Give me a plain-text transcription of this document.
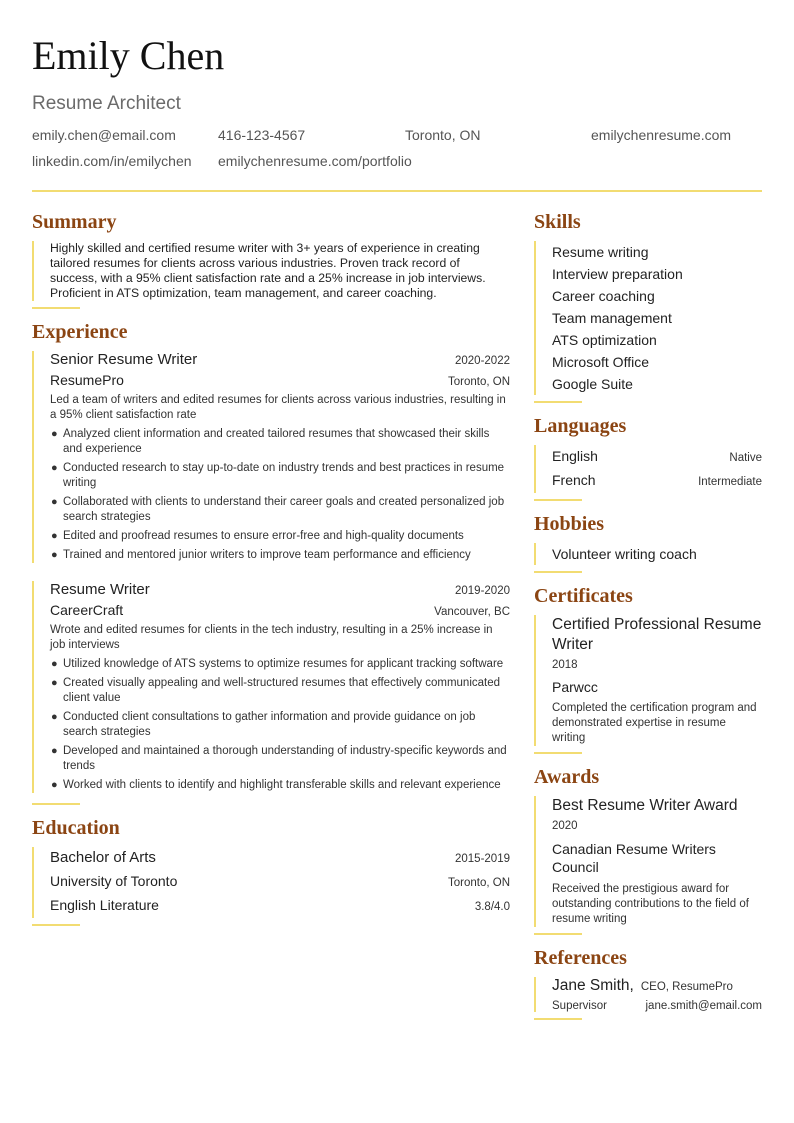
Emily Chen
Resume Architect
emily.chen@email.com	416-123-4567	Toronto, ON	emilychenresume.com
linkedin.com/in/emilychen emilychenresume.com/portfolio
Summary

Highly skilled and certified resume writer with 3+ years of experience in creating tailored resumes for clients across various industries. Proven track record of success, with a 95% client satisfaction rate and a 25% increase in job interviews. Proficient in ATS optimization, team management, and career coaching.

Experience
Senior Resume Writer	2020-2022
ResumePro	Toronto, ON

Led a team of writers and edited resumes for clients across various industries, resulting in a 95% client satisfaction rate

● Analyzed client information and created tailored resumes that showcased their skills and experience
● Conducted research to stay up-to-date on industry trends and best practices in resume writing
● Collaborated with clients to understand their career goals and created personalized job search strategies
● Edited and proofread resumes to ensure error-free and high-quality documents
● Trained and mentored junior writers to improve team performance and efficiency
Resume Writer	2019-2020
CareerCraft	Vancouver, BC

Wrote and edited resumes for clients in the tech industry, resulting in a 25% increase in job interviews

● Utilized knowledge of ATS systems to optimize resumes for applicant tracking software
● Created visually appealing and well-structured resumes that effectively communicated client value
● Conducted client consultations to gather information and provide guidance on job search strategies
● Developed and maintained a thorough understanding of industry-specific keywords and trends
● Worked with clients to identify and highlight transferable skills and relevant experience
Education
Bachelor of Arts	2015-2019
University of Toronto	Toronto, ON
English Literature	3.8/4.0
Skills
Resume writing
Interview preparation
Career coaching
Team management
ATS optimization
Microsoft Office
Google Suite
Languages
English	Native
French	Intermediate
Hobbies
Volunteer writing coach
Certificates
Certified Professional Resume Writer
2018
Parwcc

Completed the certification program and demonstrated expertise in resume writing

Awards
Best Resume Writer Award
2020
Canadian Resume Writers Council

Received the prestigious award for outstanding contributions to the field of resume writing

References
Jane Smith, CEO, ResumePro
Supervisor	jane.smith@email.com
